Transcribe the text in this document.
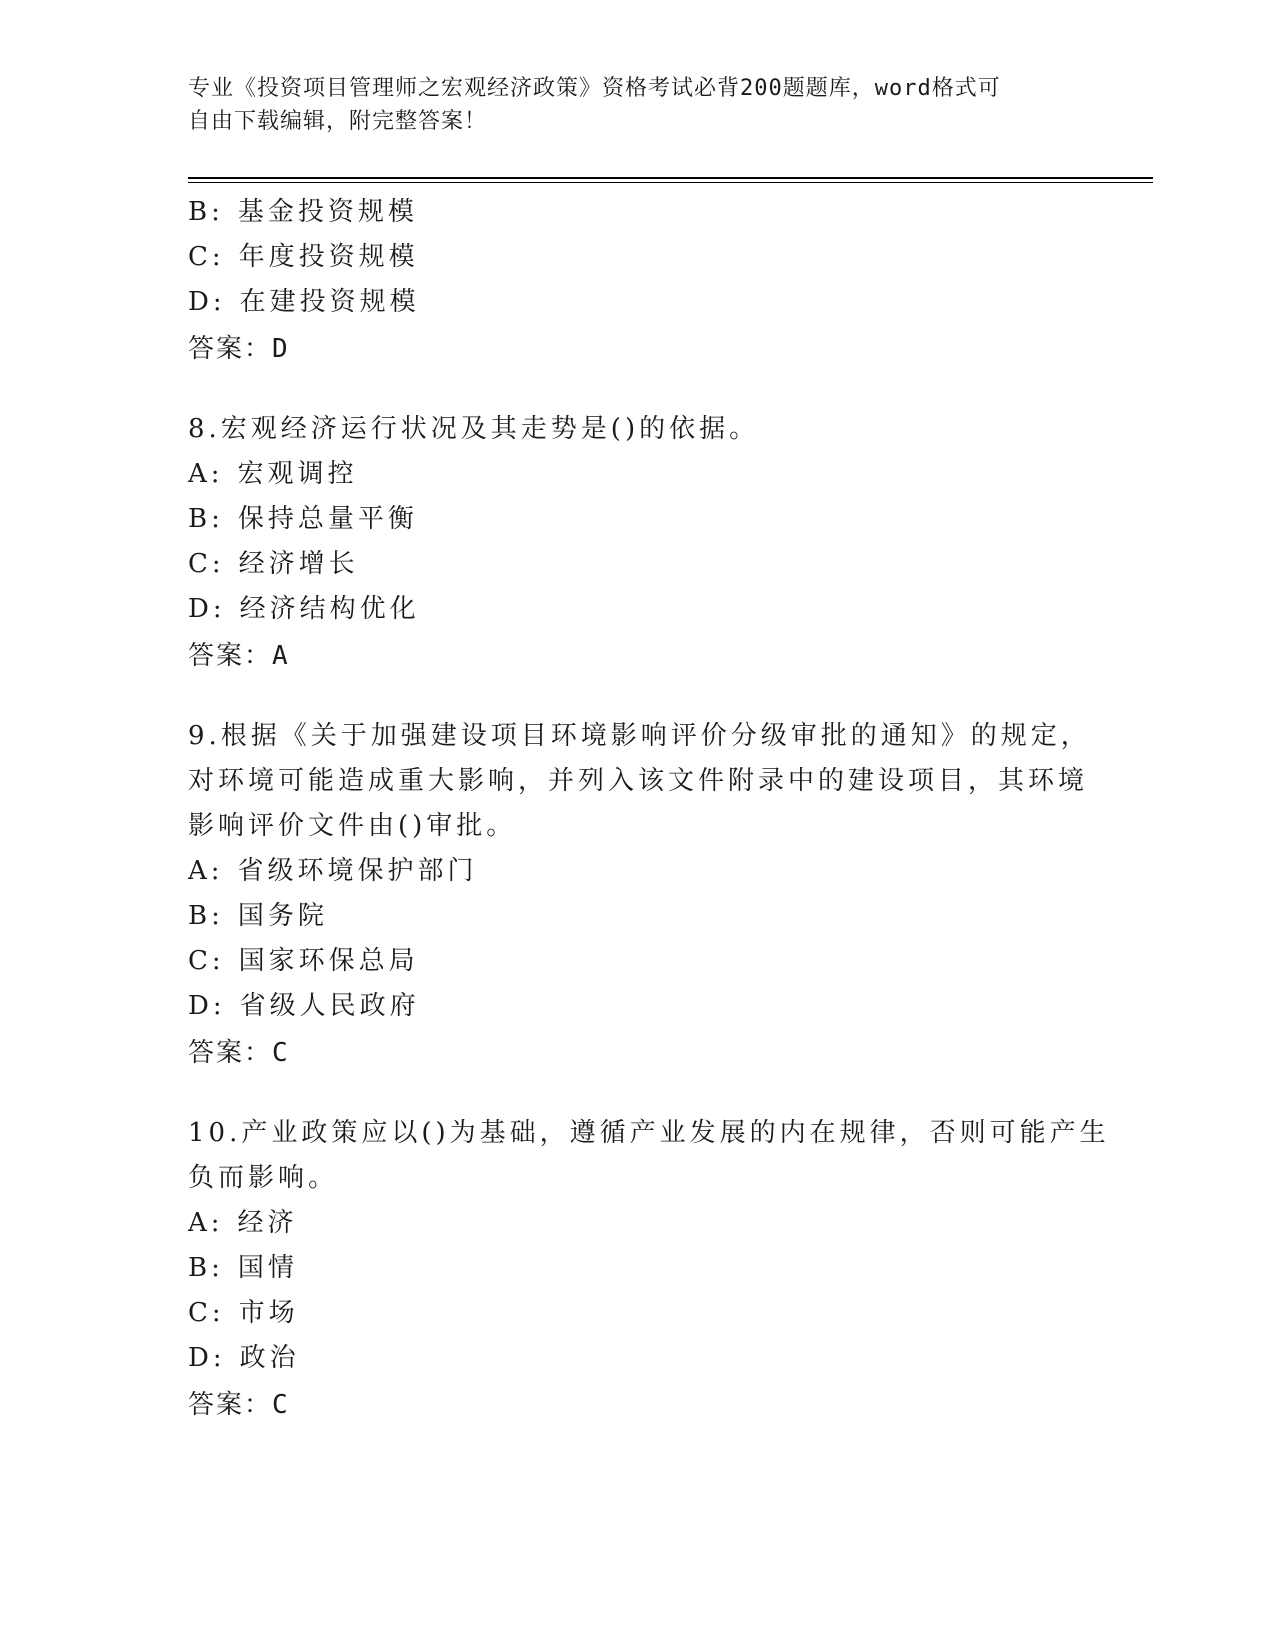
专业《投资项目管理师之宏观经济政策》资格考试必背200题题库，word格式可
自由下载编辑，附完整答案！
B: 基金投资规模
C: 年度投资规模
D: 在建投资规模
答案：D
8.宏观经济运行状况及其走势是()的依据。
A: 宏观调控
B: 保持总量平衡
C: 经济增长
D: 经济结构优化
答案：A
9.根据《关于加强建设项目环境影响评价分级审批的通知》的规定，
对环境可能造成重大影响，并列入该文件附录中的建设项目，其环境
影响评价文件由()审批。
A: 省级环境保护部门
B: 国务院
C: 国家环保总局
D: 省级人民政府
答案：C
10.产业政策应以()为基础，遵循产业发展的内在规律，否则可能产生
负而影响。
A: 经济
B: 国情
C: 市场
D: 政治
答案：C
